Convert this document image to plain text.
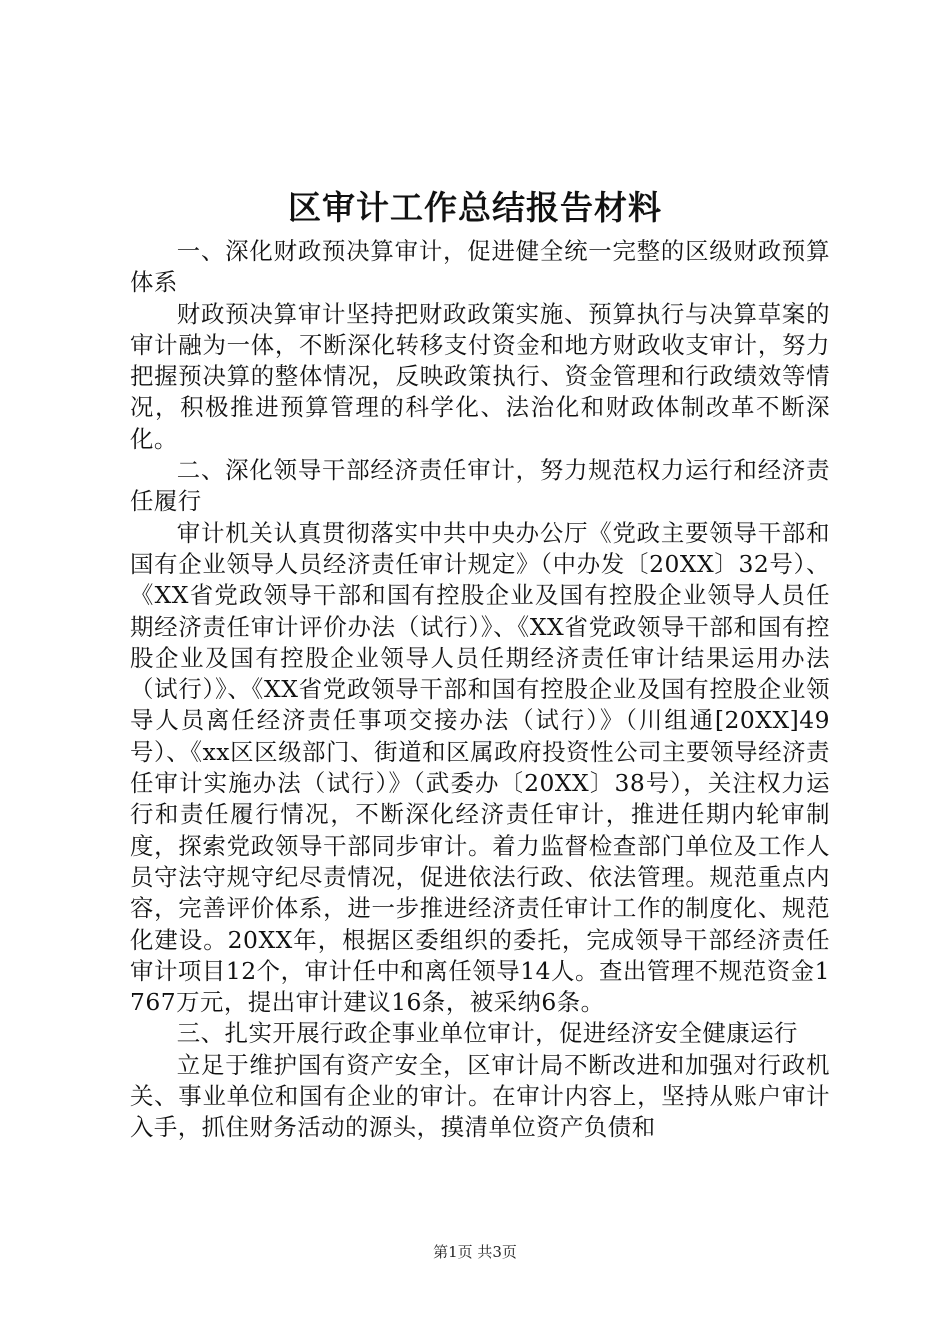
区审计工作总结报告材料

一、深化财政预决算审计，促进健全统一完整的区级财政预算体系

财政预决算审计坚持把财政政策实施、预算执行与决算草案的审计融为一体，不断深化转移支付资金和地方财政收支审计，努力把握预决算的整体情况，反映政策执行、资金管理和行政绩效等情况，积极推进预算管理的科学化、法治化和财政体制改革不断深化。

二、深化领导干部经济责任审计，努力规范权力运行和经济责任履行

审计机关认真贯彻落实中共中央办公厅《党政主要领导干部和国有企业领导人员经济责任审计规定》（中办发〔20XX〕32号）、《XX省党政领导干部和国有控股企业及国有控股企业领导人员任期经济责任审计评价办法（试行）》、《XX省党政领导干部和国有控股企业及国有控股企业领导人员任期经济责任审计结果运用办法（试行）》、《XX省党政领导干部和国有控股企业及国有控股企业领导人员离任经济责任事项交接办法（试行）》（川组通[20XX]49号）、《xx区区级部门、街道和区属政府投资性公司主要领导经济责任审计实施办法（试行）》（武委办〔20XX〕38号），关注权力运行和责任履行情况，不断深化经济责任审计，推进任期内轮审制度，探索党政领导干部同步审计。着力监督检查部门单位及工作人员守法守规守纪尽责情况，促进依法行政、依法管理。规范重点内容，完善评价体系，进一步推进经济责任审计工作的制度化、规范化建设。20XX年，根据区委组织的委托，完成领导干部经济责任审计项目12个，审计任中和离任领导14人。查出管理不规范资金1767万元，提出审计建议16条，被采纳6条。

三、扎实开展行政企事业单位审计，促进经济安全健康运行

立足于维护国有资产安全，区审计局不断改进和加强对行政机关、事业单位和国有企业的审计。在审计内容上，坚持从账户审计入手，抓住财务活动的源头，摸清单位资产负债和

第1页 共3页
